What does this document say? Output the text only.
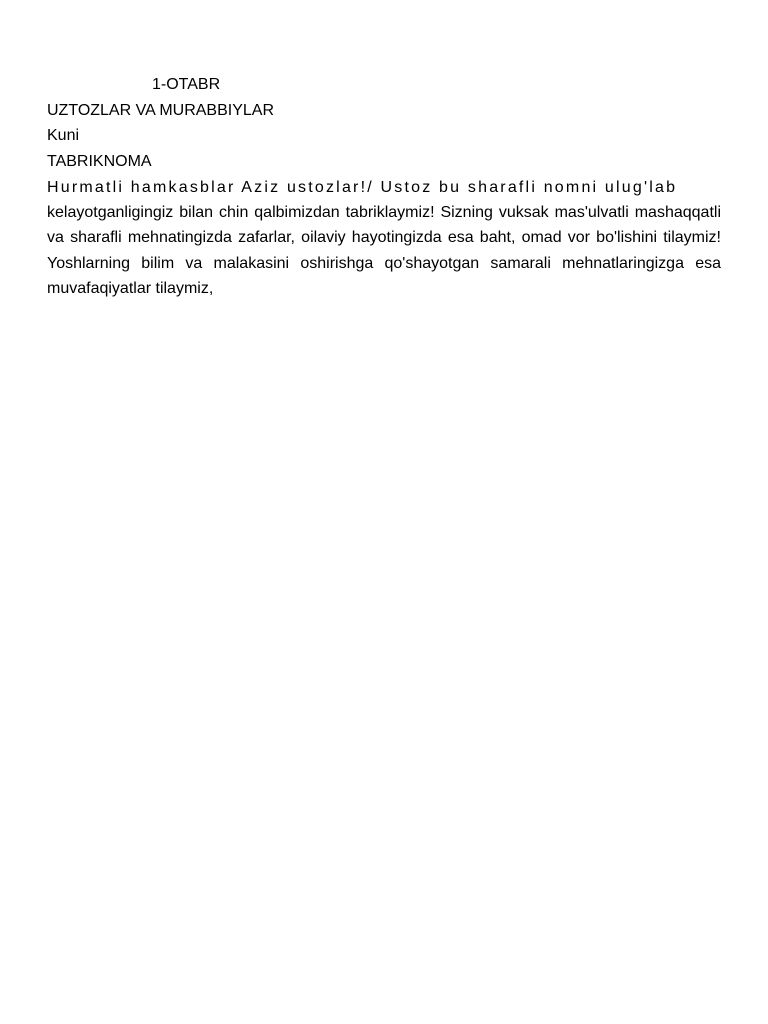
1-OTABR
UZTOZLAR VA MURABBIYLAR
Kuni
TABRIKNOMA
Hurmatli hamkasblar Aziz ustozlar!/ Ustoz bu sharafli nomni ulug'lab
kelayotganligingiz bilan chin qalbimizdan tabriklaymiz! Sizning vuksak mas'ulvatli mashaqqatli va sharafli mehnatingizda zafarlar, oilaviy hayotingizda esa baht, omad vor bo'lishini tilaymiz! Yoshlarning bilim va malakasini oshirishga qo'shayotgan samarali mehnatlaringizga esa muvafaqiyatlar tilaymiz,
